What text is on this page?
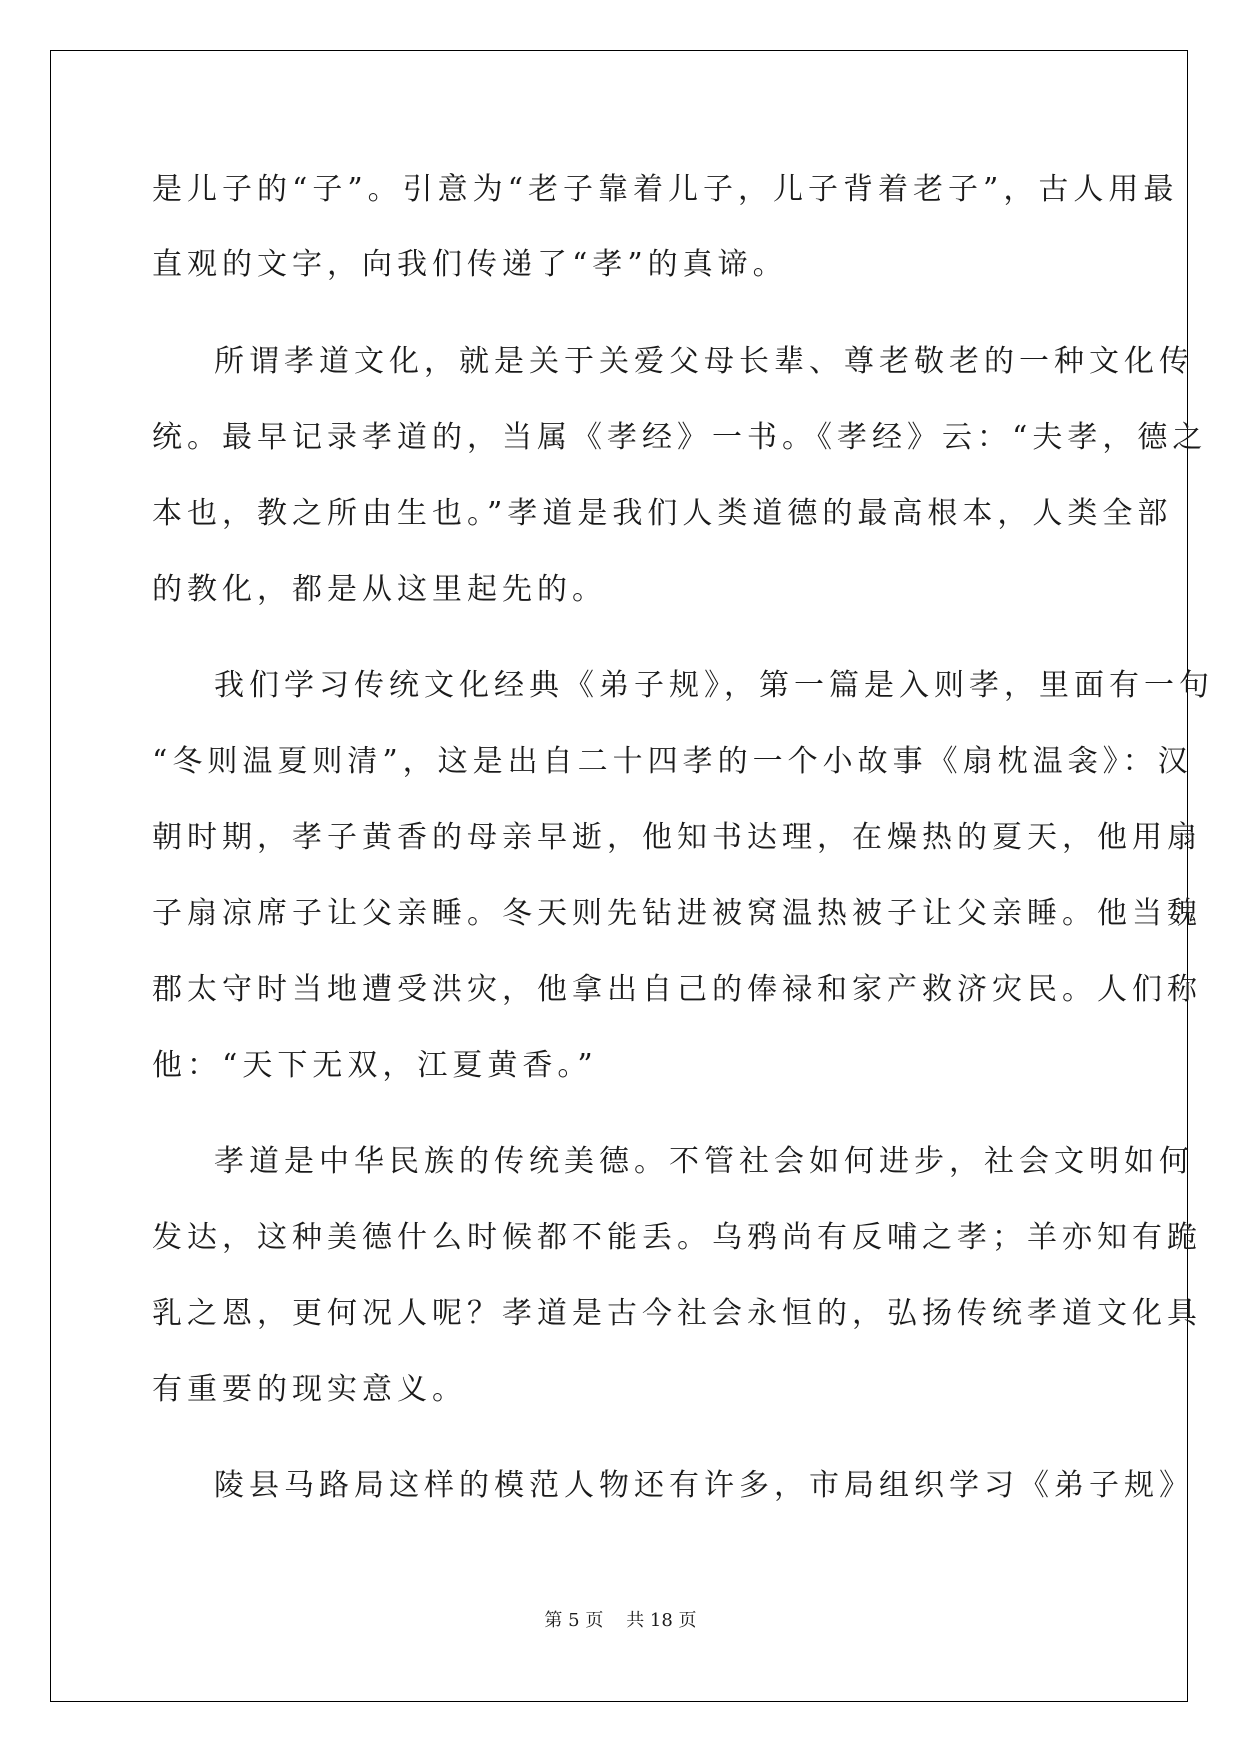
是儿子的“子”。引意为“老子靠着儿子，儿子背着老子”，古人用最
直观的文字，向我们传递了“孝”的真谛。
所谓孝道文化，就是关于关爱父母长辈、尊老敬老的一种文化传
统。最早记录孝道的，当属《孝经》一书。《孝经》云：“夫孝，德之
本也，教之所由生也。”孝道是我们人类道德的最高根本，人类全部
的教化，都是从这里起先的。
我们学习传统文化经典《弟子规》，第一篇是入则孝，里面有一句
“冬则温夏则清”，这是出自二十四孝的一个小故事《扇枕温衾》：汉
朝时期，孝子黄香的母亲早逝，他知书达理，在燥热的夏天，他用扇
子扇凉席子让父亲睡。冬天则先钻进被窝温热被子让父亲睡。他当魏
郡太守时当地遭受洪灾，他拿出自己的俸禄和家产救济灾民。人们称
他：“天下无双，江夏黄香。”
孝道是中华民族的传统美德。不管社会如何进步，社会文明如何
发达，这种美德什么时候都不能丢。乌鸦尚有反哺之孝；羊亦知有跪
乳之恩，更何况人呢？孝道是古今社会永恒的，弘扬传统孝道文化具
有重要的现实意义。
陵县马路局这样的模范人物还有许多，市局组织学习《弟子规》
第 5 页    共 18 页
